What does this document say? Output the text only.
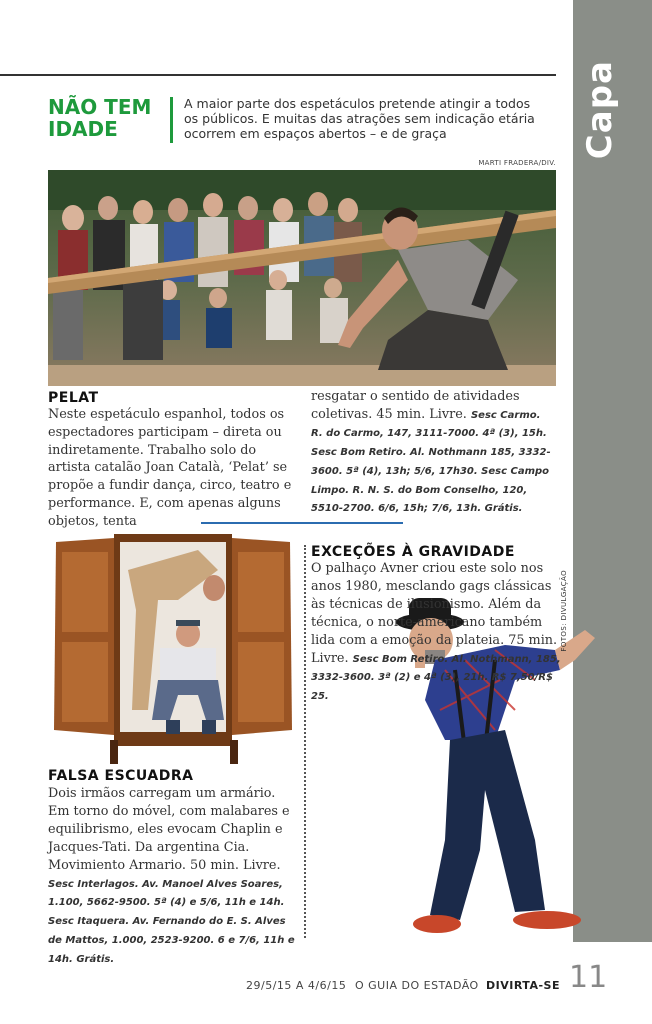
Capa
NÃO TEM
IDADE
A maior parte dos espetáculos pretende atingir a todos os públicos. E muitas das atrações sem indicação etária ocorrem em espaços abertos – e de graça
MARTI FRADERA/DIV.
PELAT
Neste espetáculo espanhol, todos os espectadores participam – direta ou indiretamente. Trabalho solo do artista catalão Joan Català, ‘Pelat’ se propõe a fundir dança, circo, teatro e performance. E, com apenas alguns objetos, tenta
resgatar o sentido de atividades coletivas. 45 min. Livre. Sesc Carmo. R. do Carmo, 147, 3111-7000. 4ª (3), 15h. Sesc Bom Retiro. Al. Nothmann 185, 3332-3600. 5ª (4), 13h; 5/6, 17h30. Sesc Campo Limpo. R. N. S. do Bom Conselho, 120, 5510-2700. 6/6, 15h; 7/6, 13h. Grátis.
FALSA ESCUADRA
Dois irmãos carregam um armário. Em torno do móvel, com malabares e equilibrismo, eles evocam Chaplin e Jacques-Tati. Da argentina Cia. Movimiento Armario. 50 min. Livre. Sesc Interlagos. Av. Manoel Alves Soares, 1.100, 5662-9500. 5ª (4) e 5/6, 11h e 14h. Sesc Itaquera. Av. Fernando do E. S. Alves de Mattos, 1.000, 2523-9200. 6 e 7/6, 11h e 14h. Grátis.
EXCEÇÕES À GRAVIDADE
O palhaço Avner criou este solo nos anos 1980, mesclando gags clássicas às técnicas de ilusionismo. Além da técnica, o norte-americano também lida com a emoção da plateia. 75 min. Livre. Sesc Bom Retiro. Al. Nothmann, 185, 3332-3600. 3ª (2) e 4ª (3), 21h. R$ 7,50/R$ 25.
FOTOS: DIVULGAÇÃO
29/5/15 A 4/6/15 O GUIA DO ESTADÃO DIVIRTA-SE 11
